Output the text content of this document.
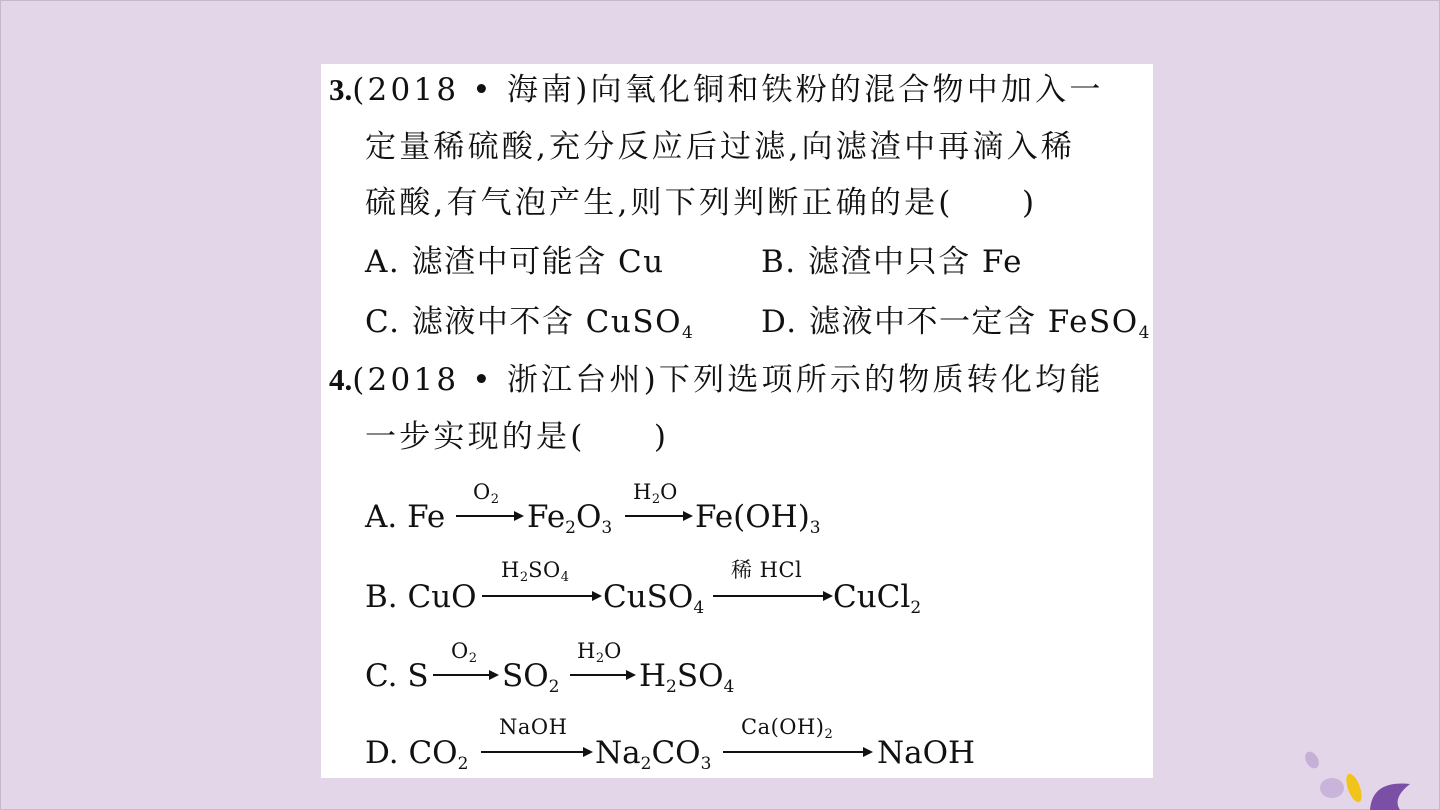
3.(2018 • 海南)向氧化铜和铁粉的混合物中加入一
定量稀硫酸,充分反应后过滤,向滤渣中再滴入稀
硫酸,有气泡产生,则下列判断正确的是(　　)
A. 滤渣中可能含 Cu	B. 滤渣中只含 Fe
C. 滤液中不含 CuSO$_4$ D. 滤液中不一定含 FeSO$_4$
4.(2018 • 浙江台州)下列选项所示的物质转化均能
一步实现的是(　　)
A. Fe
$O_2$ $Fe_2O_3$
$H_2O$
$Fe(OH)_3$
B. CuO
$H_2SO_4$
CuSO$_4$
稀 HCl
CuCl$_2$
C. S
$O_2$ $SO_2$
$H_2O$
$H_2SO_4$
D. $CO_2$
NaOH
$Na_2CO_3$
$Ca(OH)_2$
NaOH
